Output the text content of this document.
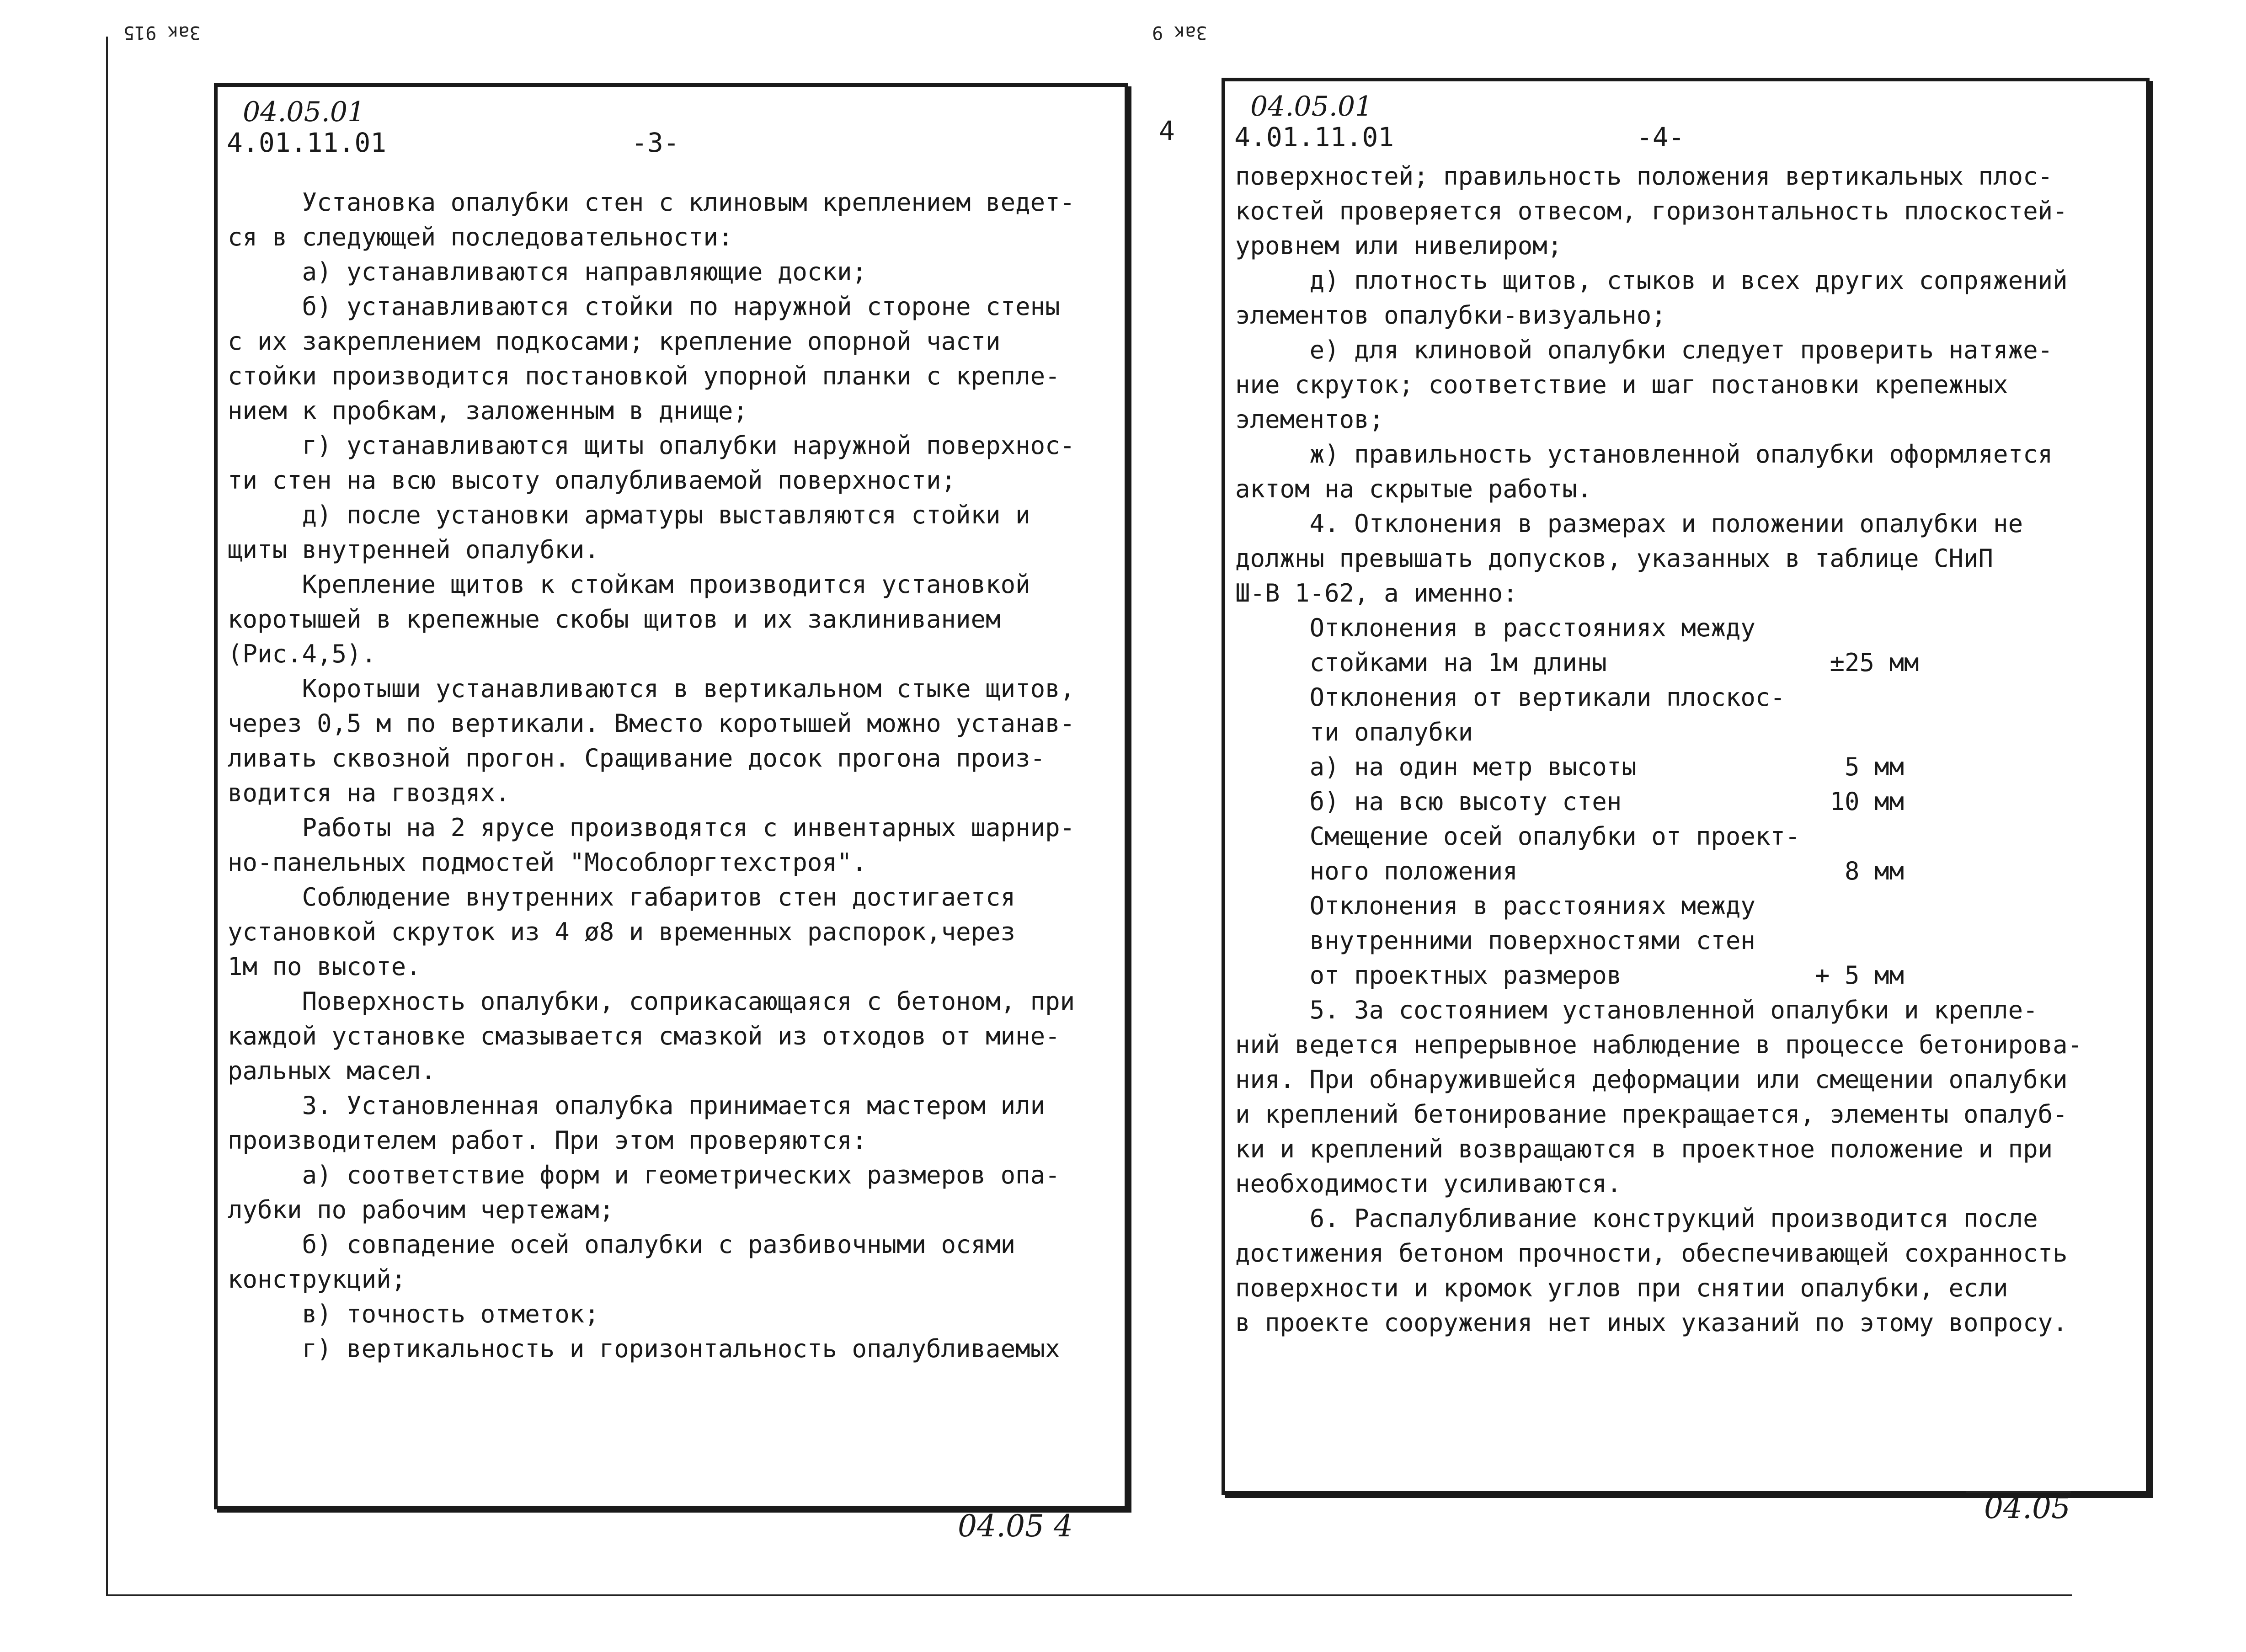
Зак 915	Зак 9
04.05.01
4.01.11.01	-3-
Установка опалубки стен с клиновым креплением ведет-
ся в следующей последовательности:
а) устанавливаются направляющие доски;
б) устанавливаются стойки по наружной стороне стены
с их закреплением подкосами; крепление опорной части
стойки производится постановкой упорной планки с крепле-
нием к пробкам, заложенным в днище;
г) устанавливаются щиты опалубки наружной поверхнос-
ти стен на всю высоту опалубливаемой поверхности;
д) после установки арматуры выставляются стойки и
щиты внутренней опалубки.
Крепление щитов к стойкам производится установкой
коротышей в крепежные скобы щитов и их заклиниванием
(Рис.4,5).
Коротыши устанавливаются в вертикальном стыке щитов,
через 0,5 м по вертикали. Вместо коротышей можно устанав-
ливать сквозной прогон. Сращивание досок прогона произ-
водится на гвоздях.
Работы на 2 ярусе производятся с инвентарных шарнир-
но-панельных подмостей "Мособлоргтехстроя".
Соблюдение внутренних габаритов стен достигается
установкой скруток из 4 ø8 и временных распорок,через
1м по высоте.
Поверхность опалубки, соприкасающаяся с бетоном, при
каждой установке смазывается смазкой из отходов от мине-
ральных масел.
3. Установленная опалубка принимается мастером или
производителем работ. При этом проверяются:
а) соответствие форм и геометрических размеров опа-
лубки по рабочим чертежам;
б) совпадение осей опалубки с разбивочными осями
конструкций;
в) точность отметок;
г) вертикальность и горизонтальность опалубливаемых
4
04.05.01
4.01.11.01	-4-
поверхностей; правильность положения вертикальных плос-
костей проверяется отвесом, горизонтальность плоскостей-
уровнем или нивелиром;
д) плотность щитов, стыков и всех других сопряжений
элементов опалубки-визуально;
е) для клиновой опалубки следует проверить натяже-
ние скруток; соответствие и шаг постановки крепежных
элементов;
ж) правильность установленной опалубки оформляется
актом на скрытые работы.
4. Отклонения в размерах и положении опалубки не
должны превышать допусков, указанных в таблице СНиП
Ш-В 1-62, а именно:
Отклонения в расстояниях между
стойками на 1м длины               ±25 мм
Отклонения от вертикали плоскос-
ти опалубки
а) на один метр высоты              5 мм
б) на всю высоту стен              10 мм
Смещение осей опалубки от проект-
ного положения                      8 мм
Отклонения в расстояниях между
внутренними поверхностями стен
от проектных размеров             + 5 мм
5. За состоянием установленной опалубки и крепле-
ний ведется непрерывное наблюдение в процессе бетонирова-
ния. При обнаружившейся деформации или смещении опалубки
и креплений бетонирование прекращается, элементы опалуб-
ки и креплений возвращаются в проектное положение и при
необходимости усиливаются.
6. Распалубливание конструкций производится после
достижения бетоном прочности, обеспечивающей сохранность
поверхности и кромок углов при снятии опалубки, если
в проекте сооружения нет иных указаний по этому вопросу.
04.05 4
04.05
